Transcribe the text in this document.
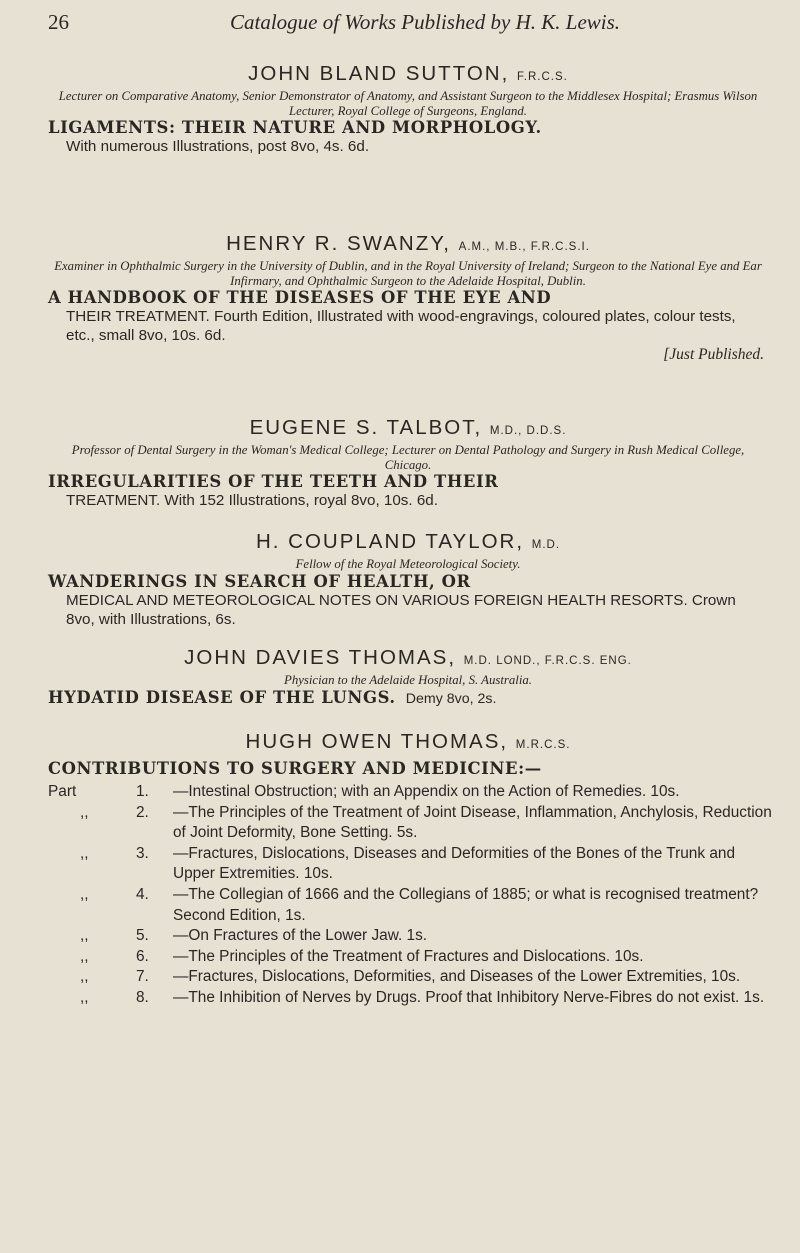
26	Catalogue of Works Published by H. K. Lewis.
JOHN BLAND SUTTON, F.R.C.S.
Lecturer on Comparative Anatomy, Senior Demonstrator of Anatomy, and Assistant Surgeon to the Middlesex Hospital; Erasmus Wilson Lecturer, Royal College of Surgeons, England.
LIGAMENTS: THEIR NATURE AND MORPHOLOGY.
With numerous Illustrations, post 8vo, 4s. 6d.
HENRY R. SWANZY, A.M., M.B., F.R.C.S.I.
Examiner in Ophthalmic Surgery in the University of Dublin, and in the Royal University of Ireland; Surgeon to the National Eye and Ear Infirmary, and Ophthalmic Surgeon to the Adelaide Hospital, Dublin.
A HANDBOOK OF THE DISEASES OF THE EYE AND
THEIR TREATMENT. Fourth Edition, Illustrated with wood-engravings, coloured plates, colour tests, etc., small 8vo, 10s. 6d.
[Just Published.
EUGENE S. TALBOT, M.D., D.D.S.
Professor of Dental Surgery in the Woman's Medical College; Lecturer on Dental Pathology and Surgery in Rush Medical College, Chicago.
IRREGULARITIES OF THE TEETH AND THEIR
TREATMENT. With 152 Illustrations, royal 8vo, 10s. 6d.
H. COUPLAND TAYLOR, M.D.
Fellow of the Royal Meteorological Society.
WANDERINGS IN SEARCH OF HEALTH, OR
MEDICAL AND METEOROLOGICAL NOTES ON VARIOUS FOREIGN HEALTH RESORTS. Crown 8vo, with Illustrations, 6s.
JOHN DAVIES THOMAS, M.D. LOND., F.R.C.S. ENG.
Physician to the Adelaide Hospital, S. Australia.
HYDATID DISEASE OF THE LUNGS. Demy 8vo, 2s.
HUGH OWEN THOMAS, M.R.C.S.
CONTRIBUTIONS TO SURGERY AND MEDICINE:—
Part	1. —Intestinal Obstruction; with an Appendix on the Action of Remedies. 10s.
,,	2. —The Principles of the Treatment of Joint Disease, Inflammation, Anchylosis, Reduction of Joint Deformity, Bone Setting. 5s.
,,	3. —Fractures, Dislocations, Diseases and Deformities of the Bones of the Trunk and Upper Extremities. 10s.
,,	4. —The Collegian of 1666 and the Collegians of 1885; or what is recognised treatment? Second Edition, 1s.
,,	5. —On Fractures of the Lower Jaw. 1s.
,,	6. —The Principles of the Treatment of Fractures and Dislocations. 10s.
,,	7. —Fractures, Dislocations, Deformities, and Diseases of the Lower Extremities, 10s.
,,	8. —The Inhibition of Nerves by Drugs. Proof that Inhibitory Nerve-Fibres do not exist. 1s.
